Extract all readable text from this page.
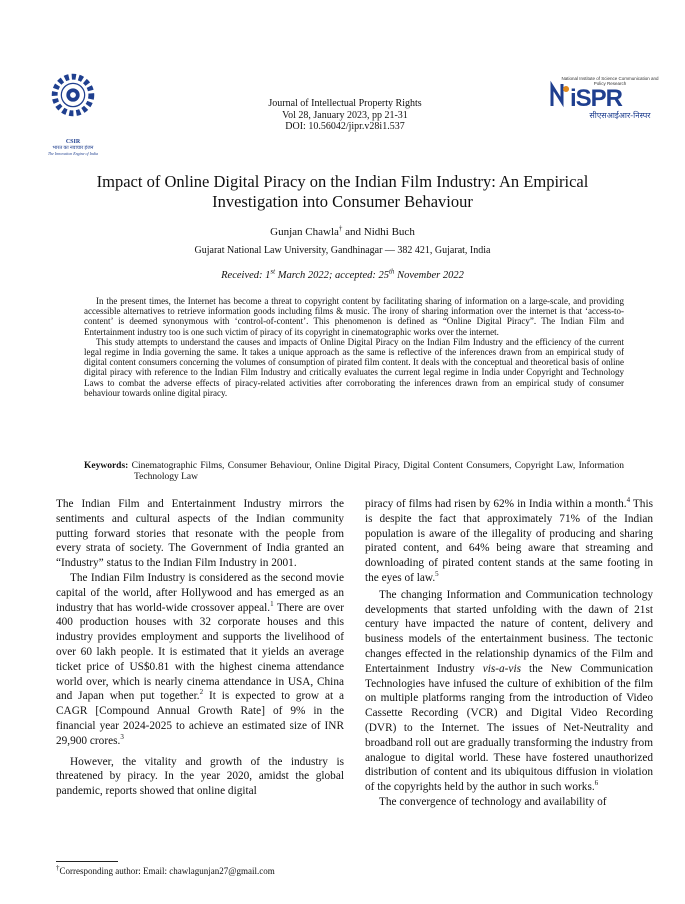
CSIR
भारत का नवाचार इंजन
The Innovation Engine of India
Journal of Intellectual Property Rights
Vol 28, January 2023, pp 21-31
DOI: 10.56042/jipr.v28i1.537
National Institute of Science Communication and Policy Research
iSPR
सीएसआईआर-निस्पर
Impact of Online Digital Piracy on the Indian Film Industry: An Empirical
Investigation into Consumer Behaviour
Gunjan Chawla† and Nidhi Buch
Gujarat National Law University, Gandhinagar — 382 421, Gujarat, India
Received: 1st March 2022; accepted: 25th November 2022

In the present times, the Internet has become a threat to copyright content by facilitating sharing of information on a large-scale, and providing accessible alternatives to retrieve information goods including films & music. The irony of sharing information over the internet is that ‘access-to-content’ is deemed synonymous with ‘control-of-content’. This phenomenon is defined as “Online Digital Piracy”. The Indian Film and Entertainment industry too is one such victim of piracy of its copyright in cinematographic works over the internet.

This study attempts to understand the causes and impacts of Online Digital Piracy on the Indian Film Industry and the efficiency of the current legal regime in India governing the same. It takes a unique approach as the same is reflective of the inferences drawn from an empirical study of digital content consumers concerning the volumes of consumption of pirated film content. It deals with the conceptual and theoretical basis of online digital piracy with reference to the Indian Film Industry and critically evaluates the current legal regime in India under Copyright and Technology Laws to combat the adverse effects of piracy-related activities after corroborating the inferences drawn from an empirical study of consumer behaviour towards online digital piracy.

Keywords: Cinematographic Films, Consumer Behaviour, Online Digital Piracy, Digital Content Consumers, Copyright Law, Information Technology Law

The Indian Film and Entertainment Industry mirrors the sentiments and cultural aspects of the Indian community putting forward stories that resonate with the people from every strata of society. The Government of India granted an “Industry” status to the Indian Film Industry in 2001.

The Indian Film Industry is considered as the second movie capital of the world, after Hollywood and has emerged as an industry that has world-wide crossover appeal.$^1$ There are over 400 production houses with 32 corporate houses and this industry provides employment and supports the livelihood of over 60 lakh people. It is estimated that it yields an average ticket price of US$0.81 with the highest cinema attendance world over, which is nearly cinema attendance in USA, China and Japan when put together.$^2$ It is expected to grow at a CAGR [Compound Annual Growth Rate] of 9% in the financial year 2024-2025 to achieve an estimated size of INR 29,900 crores.$^3$

However, the vitality and growth of the industry is threatened by piracy. In the year 2020, amidst the global pandemic, reports showed that online digital

piracy of films had risen by 62% in India within a month.$^4$ This is despite the fact that approximately 71% of the Indian population is aware of the illegality of producing and sharing pirated content, and 64% being aware that streaming and downloading of pirated content stands at the same footing in the eyes of law.$^5$

The changing Information and Communication technology developments that started unfolding with the dawn of 21st century have impacted the nature of content, delivery and business models of the entertainment business. The tectonic changes effected in the relationship dynamics of the Film and Entertainment Industry vis-a-vis the New Communication Technologies have infused the culture of exhibition of the film on multiple platforms ranging from the introduction of Video Cassette Recording (VCR) and Digital Video Recording (DVR) to the Internet. The issues of Net-Neutrality and broadband roll out are gradually transforming the industry from analogue to digital world. These have fostered unauthorized distribution of content and its ubiquitous diffusion in violation of the copyrights held by the author in such works.$^6$

The convergence of technology and availability of

†Corresponding author: Email: chawlagunjan27@gmail.com
